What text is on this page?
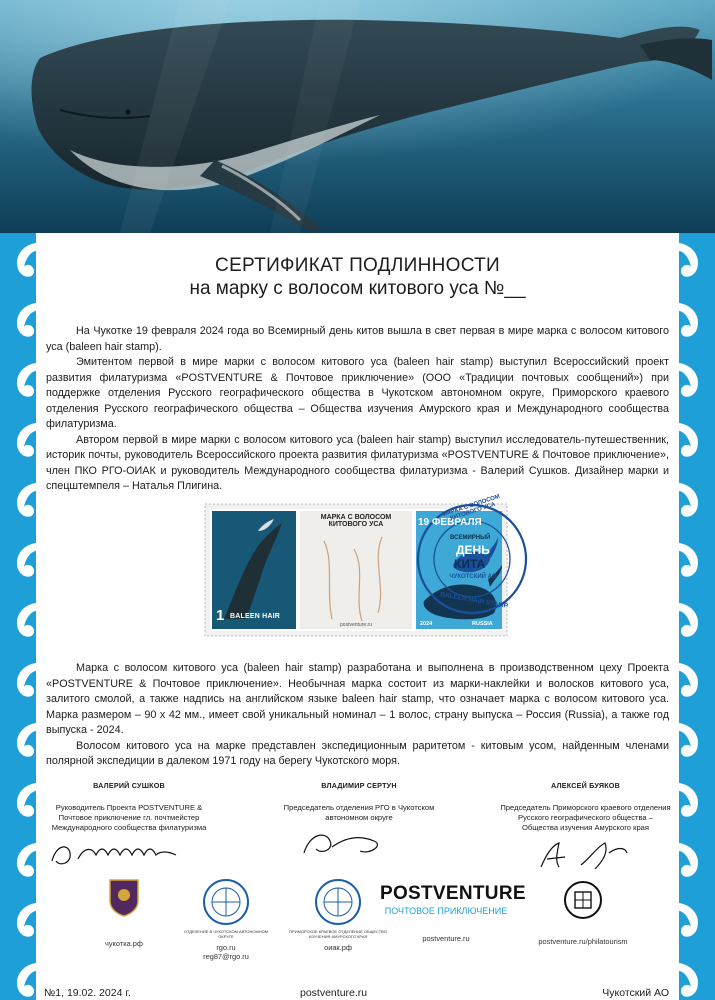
СЕРТИФИКАТ ПОДЛИННОСТИ
на марку с волосом китового уса №__

На Чукотке 19 февраля 2024 года во Всемирный день китов вышла в свет первая в мире марка с волосом китового уса (baleen hair stamp).

Эмитентом первой в мире марки с волосом китового уса (baleen hair stamp) выступил Всероссийский проект развития филатуризма «POSTVENTURE & Почтовое приключение» (ООО «Традиции почтовых сообщений») при поддержке отделения Русского географического общества в Чукотском автономном округе, Приморского краевого отделения Русского географического общества – Общества изучения Амурского края и Международного сообщества филатуризма.

Автором первой в мире марки с волосом китового уса (baleen hair stamp) выступил исследователь-путешественник, историк почты, руководитель Всероссийского проекта развития филатуризма «POSTVENTURE & Почтовое приключение», член ПКО РГО-ОИАК и руководитель Международного сообщества филатуризма - Валерий Сушков. Дизайнер марки и спецштемпеля – Наталья Плигина.

1 BALEEN HAIR
МАРКА С ВОЛОСОМ КИТОВОГО УСА
postventure.ru
19 ФЕВРАЛЯ
ВСЕМИРНЫЙ
ДЕНЬ
КИТА
2024	RUSSIA
МАРКА С ВОЛОСОМ КИТОВОГО УСА
ЧУКОТСКИЙ АО
BALEEN HAIR STAMP

Марка с волосом китового уса (baleen hair stamp) разработана и выполнена в производственном цеху Проекта «POSTVENTURE & Почтовое приключение». Необычная марка состоит из марки-наклейки и волосков китового уса, залитого смолой, а также надпись на английском языке baleen hair stamp, что означает марка с волосом китового уса. Марка размером – 90 x 42 мм., имеет свой уникальный номинал – 1 волос, страну выпуска – Россия (Russia), а также год выпуска - 2024.

Волосом китового уса на марке представлен экспедиционным раритетом - китовым усом, найденным членами полярной экспедиции в далеком 1971 году на берегу Чукотского моря.

ВАЛЕРИЙ СУШКОВ
Руководитель Проекта POSTVENTURE & Почтовое приключение гл. почтмейстер Международного сообщества филатуризма
ВЛАДИМИР СЕРТУН
Председатель отделения РГО в Чукотском автономном округе
АЛЕКСЕЙ БУЯКОВ
Председатель Приморского краевого отделения Русского географического общества – Общества изучения Амурского края
чукотка.рф
ОТДЕЛЕНИЕ В ЧУКОТСКОМ АВТОНОМНОМ ОКРУГЕ
rgo.ru
reg87@rgo.ru
ПРИМОРСКОЕ КРАЕВОЕ ОТДЕЛЕНИЕ ОБЩЕСТВО ИЗУЧЕНИЯ АМУРСКОГО КРАЯ
оиак.рф
POSTVENTURE
ПОЧТОВОЕ ПРИКЛЮЧЕНИЕ
postventure.ru	postventure.ru/philatourism
№1, 19.02. 2024 г.	postventure.ru	Чукотский АО
